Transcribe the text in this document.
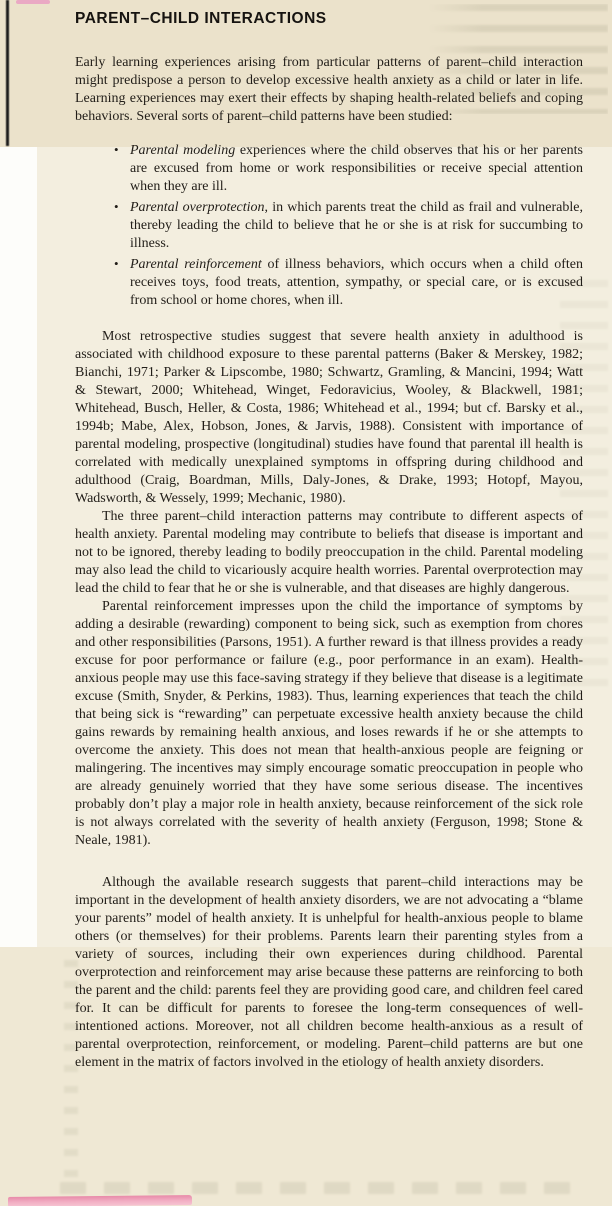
PARENT–CHILD INTERACTIONS

Early learning experiences arising from particular patterns of parent–child interaction might predispose a person to develop excessive health anxiety as a child or later in life. Learning experiences may exert their effects by shaping health-related beliefs and coping behaviors. Several sorts of parent–child patterns have been studied:

• Parental modeling experiences where the child observes that his or her parents are excused from home or work responsibilities or receive special attention when they are ill.
• Parental overprotection, in which parents treat the child as frail and vulnerable, thereby leading the child to believe that he or she is at risk for succumbing to illness.
• Parental reinforcement of illness behaviors, which occurs when a child often receives toys, food treats, attention, sympathy, or special care, or is excused from school or home chores, when ill.

Most retrospective studies suggest that severe health anxiety in adulthood is associated with childhood exposure to these parental patterns (Baker & Merskey, 1982; Bianchi, 1971; Parker & Lipscombe, 1980; Schwartz, Gramling, & Mancini, 1994; Watt & Stewart, 2000; Whitehead, Winget, Fedoravicius, Wooley, & Blackwell, 1981; Whitehead, Busch, Heller, & Costa, 1986; Whitehead et al., 1994; but cf. Barsky et al., 1994b; Mabe, Alex, Hobson, Jones, & Jarvis, 1988). Consistent with importance of parental modeling, prospective (longitudinal) studies have found that parental ill health is correlated with medically unexplained symptoms in offspring during childhood and adulthood (Craig, Boardman, Mills, Daly-Jones, & Drake, 1993; Hotopf, Mayou, Wadsworth, & Wessely, 1999; Mechanic, 1980).

The three parent–child interaction patterns may contribute to different aspects of health anxiety. Parental modeling may contribute to beliefs that disease is important and not to be ignored, thereby leading to bodily preoccupation in the child. Parental modeling may also lead the child to vicariously acquire health worries. Parental overprotection may lead the child to fear that he or she is vulnerable, and that diseases are highly dangerous.

Parental reinforcement impresses upon the child the importance of symptoms by adding a desirable (rewarding) component to being sick, such as exemption from chores and other responsibilities (Parsons, 1951). A further reward is that illness provides a ready excuse for poor performance or failure (e.g., poor performance in an exam). Health-anxious people may use this face-saving strategy if they believe that disease is a legitimate excuse (Smith, Snyder, & Perkins, 1983). Thus, learning experiences that teach the child that being sick is “rewarding” can perpetuate excessive health anxiety because the child gains rewards by remaining health anxious, and loses rewards if he or she attempts to overcome the anxiety. This does not mean that health-anxious people are feigning or malingering. The incentives may simply encourage somatic preoccupation in people who are already genuinely worried that they have some serious disease. The incentives probably don’t play a major role in health anxiety, because reinforcement of the sick role is not always correlated with the severity of health anxiety (Ferguson, 1998; Stone & Neale, 1981).

Although the available research suggests that parent–child interactions may be important in the development of health anxiety disorders, we are not advocating a “blame your parents” model of health anxiety. It is unhelpful for health-anxious people to blame others (or themselves) for their problems. Parents learn their parenting styles from a variety of sources, including their own experiences during childhood. Parental overprotection and reinforcement may arise because these patterns are reinforcing to both the parent and the child: parents feel they are providing good care, and children feel cared for. It can be difficult for parents to foresee the long-term consequences of well-intentioned actions. Moreover, not all children become health-anxious as a result of parental overprotection, reinforcement, or modeling. Parent–child patterns are but one element in the matrix of factors involved in the etiology of health anxiety disorders.
